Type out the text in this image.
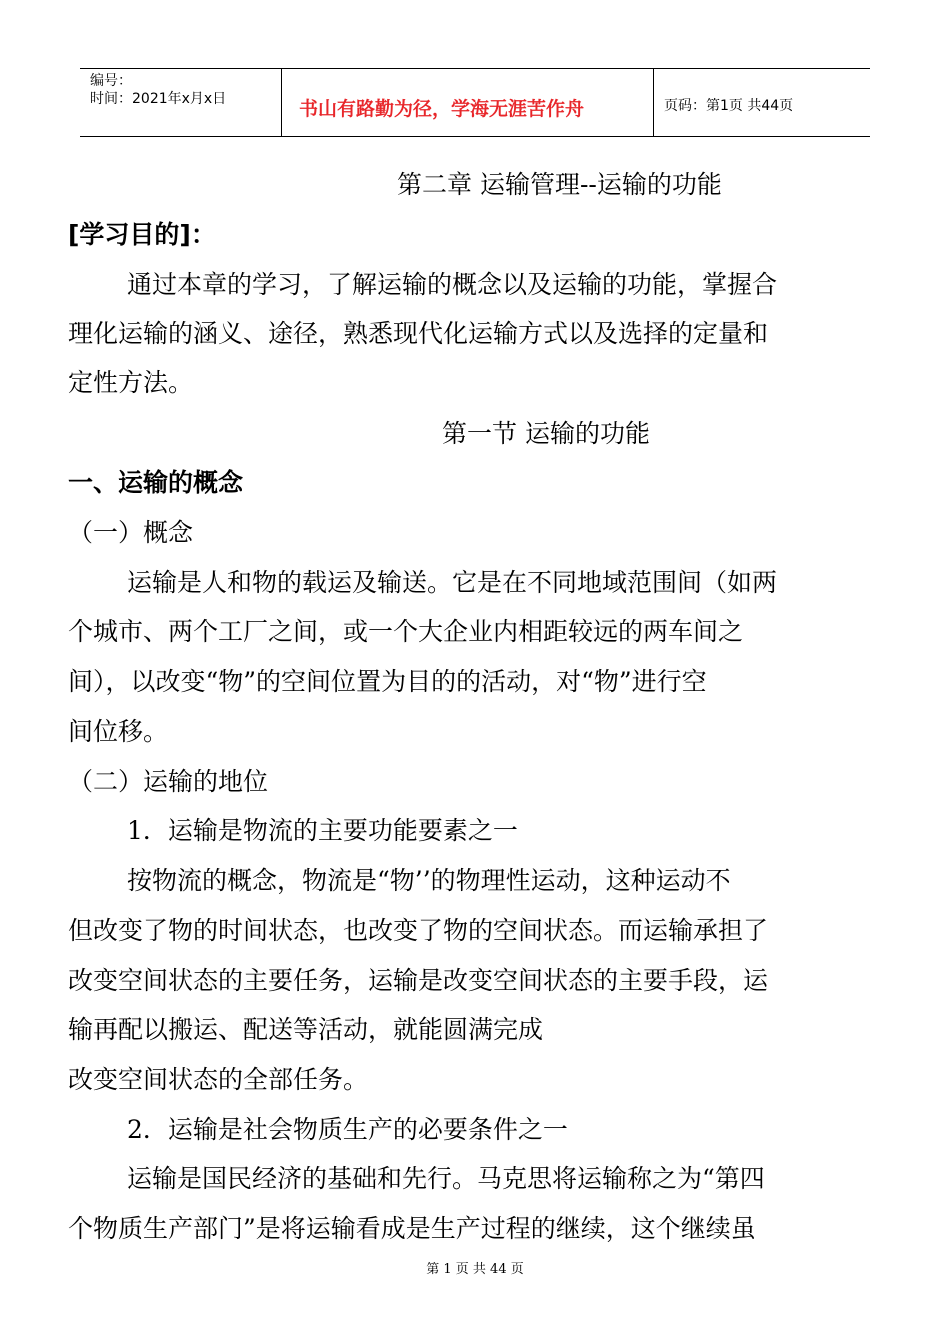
编号：
时间：2021年x月x日	书山有路勤为径，学海无涯苦作舟	页码：第1页 共44页
第二章 运输管理--运输的功能
[学习目的]：
通过本章的学习，了解运输的概念以及运输的功能，掌握合
理化运输的涵义、途径，熟悉现代化运输方式以及选择的定量和
定性方法。
第一节 运输的功能
一、运输的概念
（一）概念
运输是人和物的载运及输送。它是在不同地域范围间（如两
个城市、两个工厂之间，或一个大企业内相距较远的两车间之
间），以改变“物”的空间位置为目的的活动，对“物”进行空
间位移。
（二）运输的地位
1．运输是物流的主要功能要素之一
按物流的概念，物流是“物’’的物理性运动，这种运动不
但改变了物的时间状态，也改变了物的空间状态。而运输承担了
改变空间状态的主要任务，运输是改变空间状态的主要手段，运
输再配以搬运、配送等活动，就能圆满完成
改变空间状态的全部任务。
2．运输是社会物质生产的必要条件之一
运输是国民经济的基础和先行。马克思将运输称之为“第四
个物质生产部门”是将运输看成是生产过程的继续，这个继续虽
第 1 页 共 44 页
